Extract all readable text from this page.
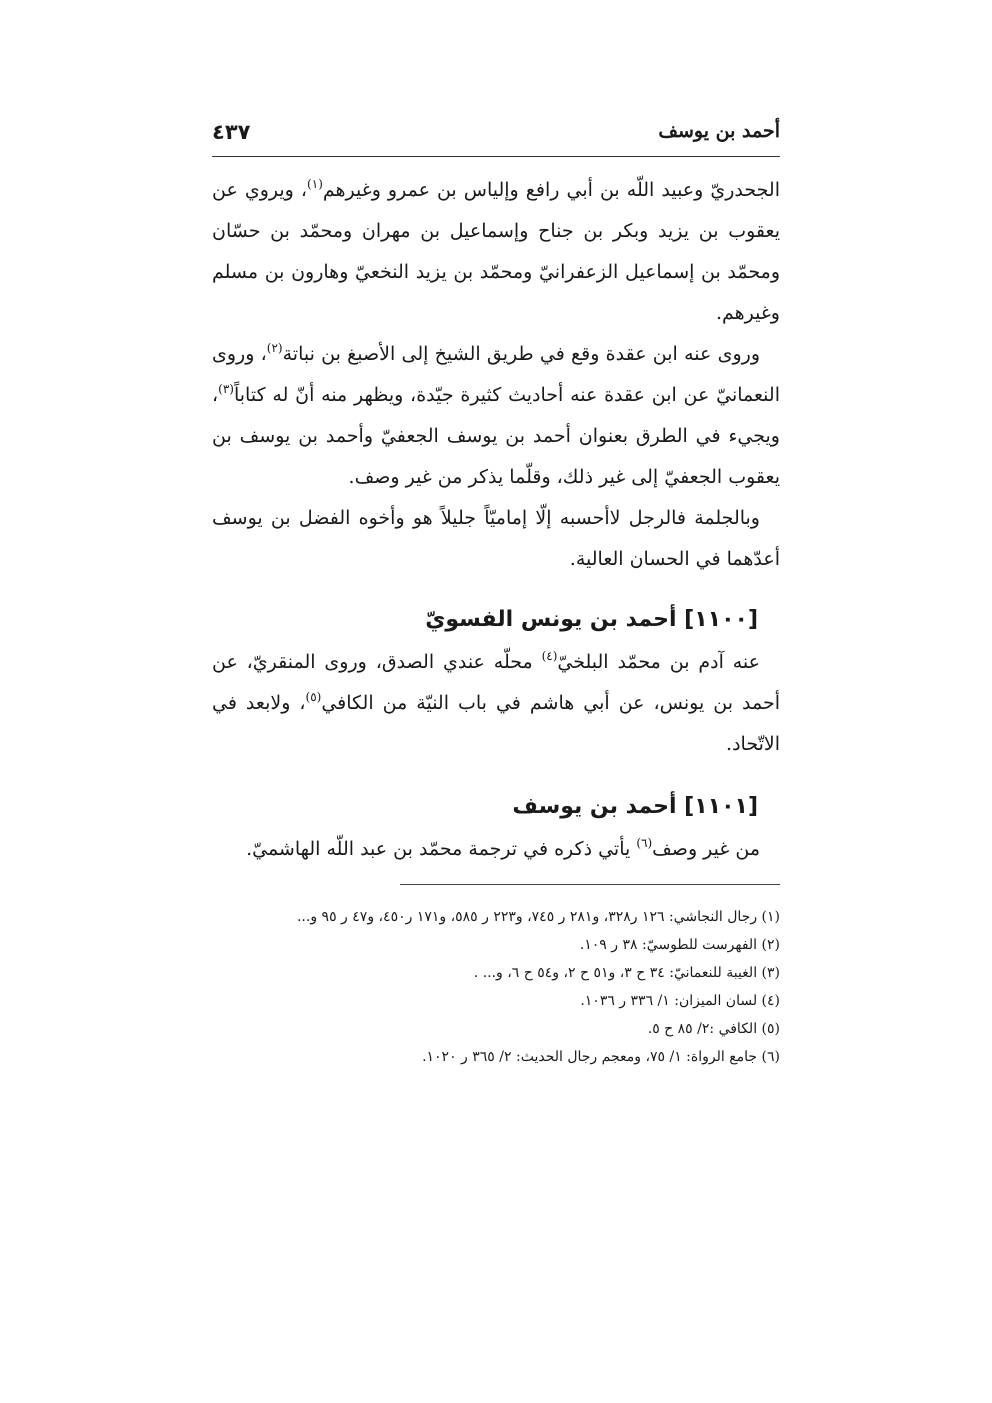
أحمد بن يوسف
٤٣٧

الجحدريّ وعبيد اللّه بن أبي رافع وإلياس بن عمرو وغيرهم$^{(١)}$، ويروي عن يعقوب بن يزيد وبكر بن جناح وإسماعيل بن مهران ومحمّد بن حسّان ومحمّد بن إسماعيل الزعفرانيّ ومحمّد بن يزيد النخعيّ وهارون بن مسلم وغيرهم.

وروى عنه ابن عقدة وقع في طريق الشيخ إلى الأصبغ بن نباتة$^{(٢)}$، وروى النعمانيّ عن ابن عقدة عنه أحاديث كثيرة جيّدة، ويظهر منه أنّ له كتاباً$^{(٣)}$، ويجيء في الطرق بعنوان أحمد بن يوسف الجعفيّ وأحمد بن يوسف بن يعقوب الجعفيّ إلى غير ذلك، وقلّما يذكر من غير وصف.

وبالجلمة فالرجل لاأحسبه إلّا إماميّاً جليلاً هو وأخوه الفضل بن يوسف أعدّهما في الحسان العالية.

[١١٠٠] أحمد بن يونس الفسويّ

عنه آدم بن محمّد البلخيّ$^{(٤)}$ محلّه عندي الصدق، وروى المنقريّ، عن أحمد بن يونس، عن أبي هاشم في باب النيّة من الكافي$^{(٥)}$، ولابعد في الاتّحاد.

[١١٠١] أحمد بن يوسف

من غير وصف$^{(٦)}$ يأتي ذكره في ترجمة محمّد بن عبد اللّه الهاشميّ.

(١) رجال النجاشي: ١٢٦ ر٣٢٨، و٢٨١ ر ٧٤٥، و٢٢٣ ر ٥٨٥، و١٧١ ر٤٥٠، و٤٧ ر ٩٥ و...
(٢) الفهرست للطوسيّ: ٣٨ ر ١٠٩.
(٣) الغيبة للنعمانيّ: ٣٤ ح ٣، و٥١ ح ٢، و٥٤ ح ٦، و... .
(٤) لسان الميزان: ١/ ٣٣٦ ر ١٠٣٦.
(٥) الكافي :٢/ ٨٥ ح ٥.
(٦) جامع الرواة: ١/ ٧٥، ومعجم رجال الحديث: ٢/ ٣٦٥ ر ١٠٢٠.
